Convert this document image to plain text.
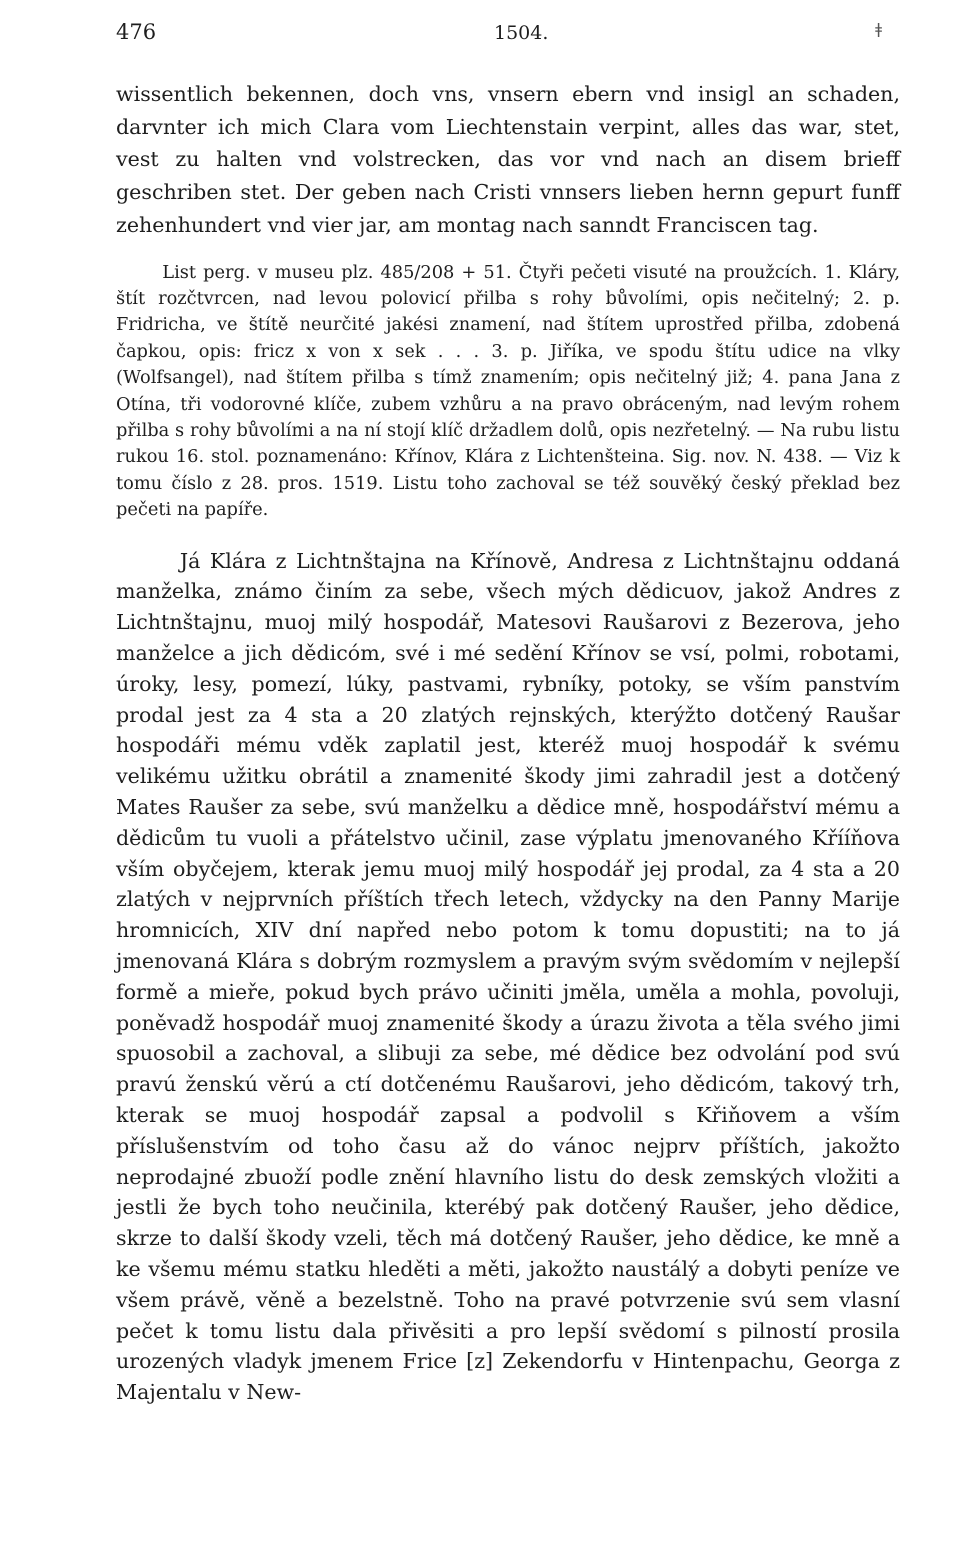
476	1504.	ǂ

wissentlich bekennen, doch vns, vnsern ebern vnd insigl an schaden, darvnter ich mich Clara vom Liechtenstain verpint, alles das war, stet, vest zu halten vnd volstrecken, das vor vnd nach an disem brieff geschriben stet. Der geben nach Cristi vnnsers lieben hernn gepurt funff zehenhundert vnd vier jar, am montag nach sanndt Franciscen tag.

List perg. v museu plz. 485/208 + 51. Čtyři pečeti visuté na proužcích. 1. Kláry, štít rozčtvrcen, nad levou polovicí přilba s rohy bůvolími, opis nečitelný; 2. p. Fridricha, ve štítě neurčité jakési znamení, nad štítem uprostřed přilba, zdobená čapkou, opis: fricz x von x sek . . . 3. p. Jiříka, ve spodu štítu udice na vlky (Wolfsangel), nad štítem přilba s tímž znamením; opis nečitelný již; 4. pana Jana z Otína, tři vodorovné klíče, zubem vzhůru a na pravo obráceným, nad levým rohem přilba s rohy bůvolími a na ní stojí klíč držadlem dolů, opis nezřetelný. — Na rubu listu rukou 16. stol. poznamenáno: Křínov, Klára z Lichtenšteina. Sig. nov. N. 438. — Viz k tomu číslo z 28. pros. 1519. Listu toho zachoval se též souvěký český překlad bez pečeti na papíře.

Já Klára z Lichtnštajna na Křínově, Andresa z Lichtnštajnu oddaná manželka, známo činím za sebe, všech mých dědicuov, jakož Andres z Lichtnštajnu, muoj milý hospodář, Matesovi Raušarovi z Bezerova, jeho manželce a jich dědicóm, své i mé sedění Křínov se vsí, polmi, robotami, úroky, lesy, pomezí, lúky, pastvami, rybníky, potoky, se vším panstvím prodal jest za 4 sta a 20 zlatých rejnských, kterýžto dotčený Raušar hospodáři mému vděk zaplatil jest, kteréž muoj hospodář k svému velikému užitku obrátil a znamenité škody jimi zahradil jest a dotčený Mates Raušer za sebe, svú manželku a dědice mně, hospodářství mému a dědicům tu vuoli a přátelstvo učinil, zase výplatu jmenovaného Křííňova vším obyčejem, kterak jemu muoj milý hospodář jej prodal, za 4 sta a 20 zlatých v nejprvních příštích třech letech, vždycky na den Panny Marije hromnicích, XIV dní napřed nebo potom k tomu dopustiti; na to já jmenovaná Klára s dobrým rozmyslem a pravým svým svědomím v nejlepší formě a mieře, pokud bych právo učiniti jměla, uměla a mohla, povoluji, poněvadž hospodář muoj znamenité škody a úrazu života a těla svého jimi spuosobil a zachoval, a slibuji za sebe, mé dědice bez odvolání pod svú pravú ženskú věrú a ctí dotčenému Raušarovi, jeho dědicóm, takový trh, kterak se muoj hospodář zapsal a podvolil s Křiňovem a vším příslušenstvím od toho času až do vánoc nejprv příštích, jakožto neprodajné zbuoží podle znění hlavního listu do desk zemských vložiti a jestli že bych toho neučinila, kterébý pak dotčený Raušer, jeho dědice, skrze to další škody vzeli, těch má dotčený Raušer, jeho dědice, ke mně a ke všemu mému statku hleděti a měti, jakožto naustálý a dobyti peníze ve všem právě, věně a bezelstně. Toho na pravé potvrzenie svú sem vlasní pečet k tomu listu dala přivěsiti a pro lepší svědomí s pilností prosila urozených vladyk jmenem Frice [z] Zekendorfu v Hintenpachu, Georga z Majentalu v New-
